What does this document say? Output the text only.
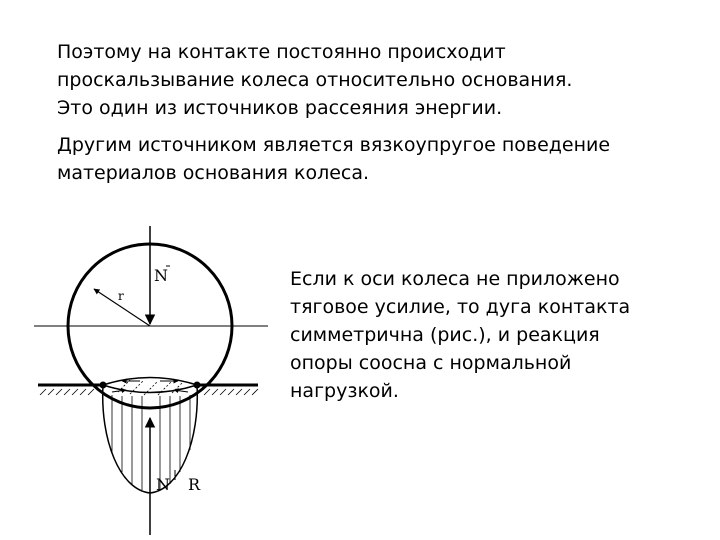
Поэтому на контакте постоянно происходит проскальзывание колеса относительно основания.

Это один из источников рассеяния энергии.

Другим источником является вязкоупругое поведение материалов основания колеса.

N
r
N R

Если к оси колеса не приложено тяговое усилие, то дуга контакта симметрична (рис.), и реакция опоры соосна с нормальной нагрузкой.
